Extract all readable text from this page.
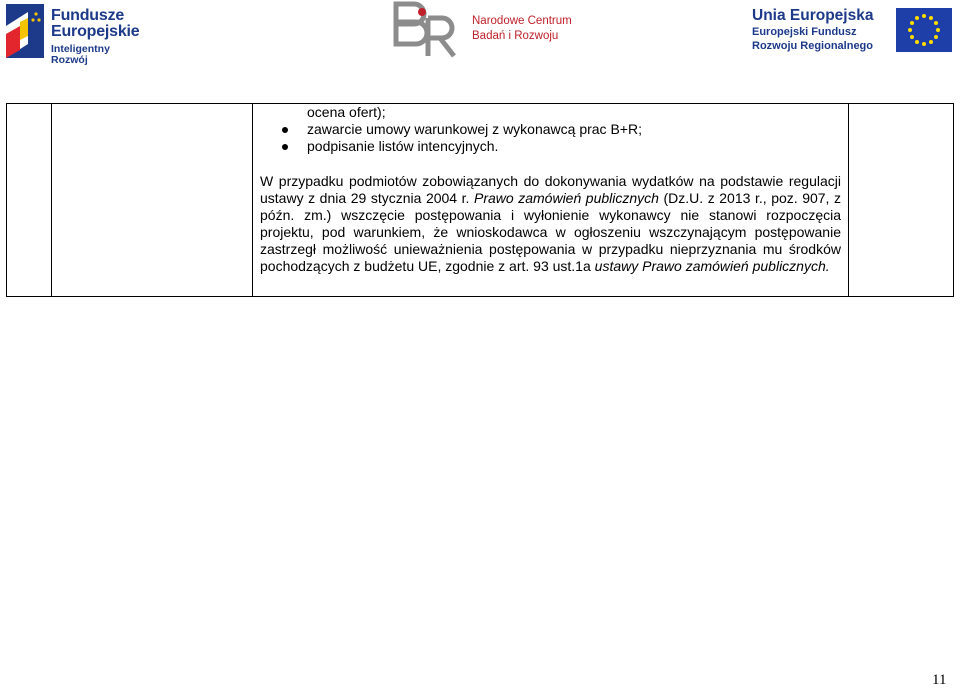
Fundusze
Europejskie
Inteligentny Rozwój
Narodowe Centrum
Badań i Rozwoju
Unia Europejska
Europejski Fundusz
Rozwoju Regionalnego
ocena ofert);
zawarcie umowy warunkowej z wykonawcą prac B+R;
podpisanie listów intencyjnych.

W przypadku podmiotów zobowiązanych do dokonywania wydatków na podstawie regulacji ustawy z dnia 29 stycznia 2004 r. Prawo zamówień publicznych (Dz.U. z 2013 r., poz. 907, z późn. zm.) wszczęcie postępowania i wyłonienie wykonawcy nie stanowi rozpoczęcia projektu, pod warunkiem, że wnioskodawca w ogłoszeniu wszczynającym postępowanie zastrzegł możliwość unieważnienia postępowania w przypadku nieprzyznania mu środków pochodzących z budżetu UE, zgodnie z art. 93 ust.1a ustawy Prawo zamówień publicznych.

11
